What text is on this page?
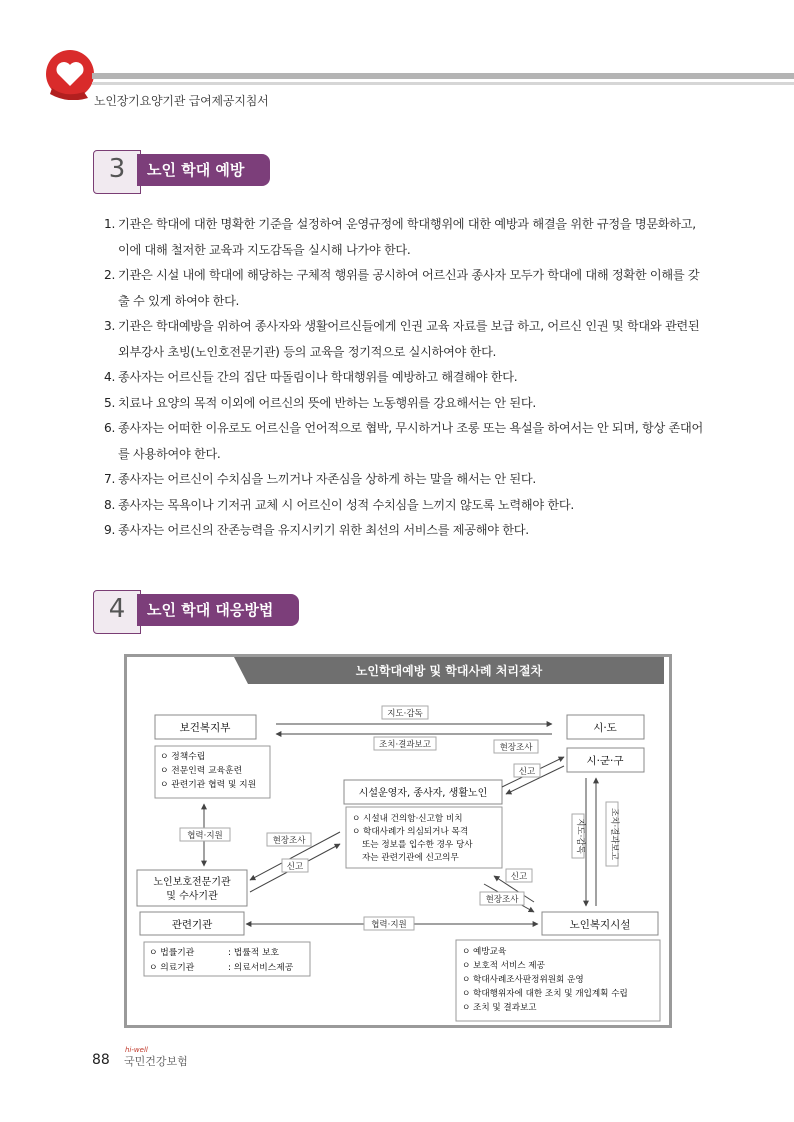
노인장기요양기관 급여제공지침서
3	노인 학대 예방
1. 기관은 학대에 대한 명확한 기준을 설정하여 운영규정에 학대행위에 대한 예방과 해결을 위한 규정을 명문화하고, 이에 대해 철저한 교육과 지도감독을 실시해 나가야 한다.
2. 기관은 시설 내에 학대에 해당하는 구체적 행위를 공시하여 어르신과 종사자 모두가 학대에 대해 정확한 이해를 갖출 수 있게 하여야 한다.
3. 기관은 학대예방을 위하여 종사자와 생활어르신들에게 인권 교육 자료를 보급 하고, 어르신 인권 및 학대와 관련된 외부강사 초빙(노인호전문기관) 등의 교육을 정기적으로 실시하여야 한다.
4. 종사자는 어르신들 간의 집단 따돌림이나 학대행위를 예방하고 해결해야 한다.
5. 치료나 요양의 목적 이외에 어르신의 뜻에 반하는 노동행위를 강요해서는 안 된다.
6. 종사자는 어떠한 이유로도 어르신을 언어적으로 협박, 무시하거나 조롱 또는 욕설을 하여서는 안 되며, 항상 존대어를 사용하여야 한다.
7. 종사자는 어르신이 수치심을 느끼거나 자존심을 상하게 하는 말을 해서는 안 된다.
8. 종사자는 목욕이나 기저귀 교체 시 어르신이 성적 수치심을 느끼지 않도록 노력해야 한다.
9. 종사자는 어르신의 잔존능력을 유지시키기 위한 최선의 서비스를 제공해야 한다.
4	노인 학대 대응방법
노인학대예방 및 학대사례 처리절차
보건복지부	시·도
시·군·구
ㅇ 정책수립
ㅇ 전문인력 교육훈련
ㅇ 관련기관 협력 및 지원
시설운영자, 종사자, 생활노인
ㅇ 시설내 건의함·신고함 비치
ㅇ 학대사례가 의심되거나 목격
또는 정보를 입수한 경우 당사
자는 관련기관에 신고의무
노인보호전문기관
및 수사기관
관련기관
ㅇ 법률기관	: 법률적 보호
ㅇ 의료기관	: 의료서비스제공
노인복지시설
ㅇ 예방교육
ㅇ 보호적 서비스 제공
ㅇ 학대사례조사판정위원회 운영
ㅇ 학대행위자에 대한 조치 및 개입계획 수립
ㅇ 조치 및 결과보고
지도·감독
조치·결과보고	현장조사
신고
협력·지원	현장조사
신고
신고
현장조사
협력·지원
지도·감독	조치·결과보고
88
hi-well
국민건강보험
